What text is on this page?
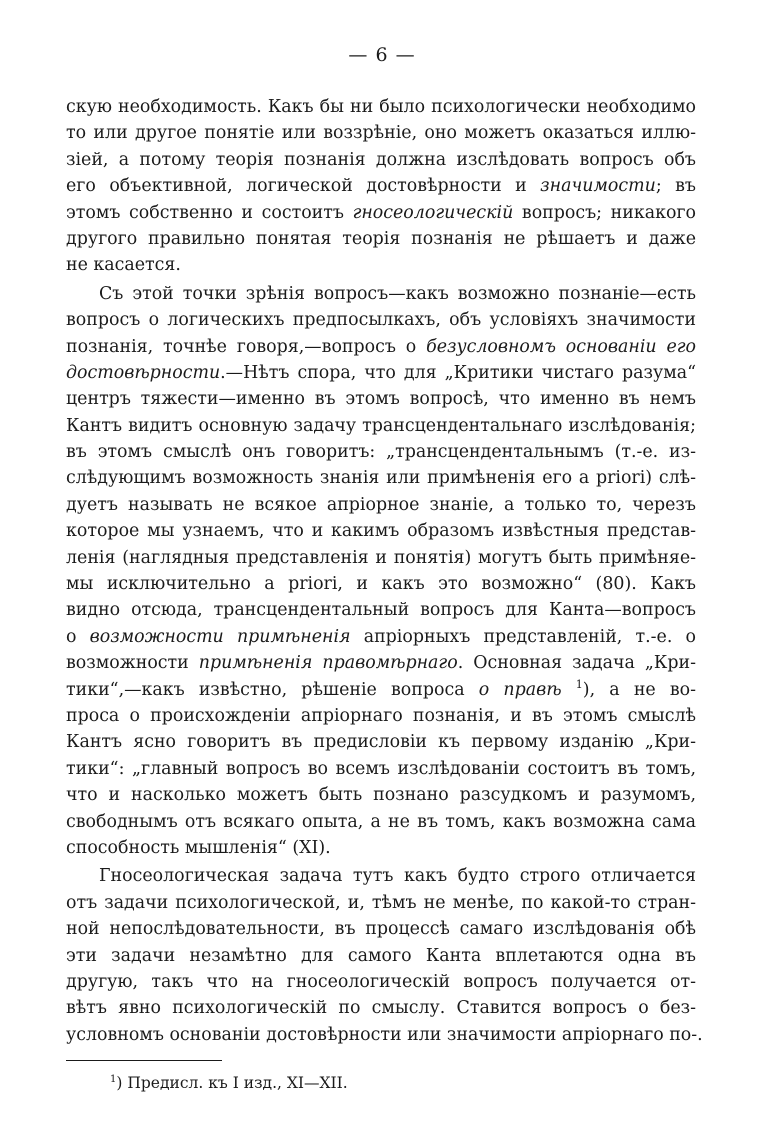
— 6 —
скую необходимость. Какъ бы ни было психологически необходимо
то или другое понятіе или воззрѣніе, оно можетъ оказаться иллю-
зіей, а потому теорія познанія должна изслѣдовать вопросъ объ
его объективной, логической достовѣрности и значимости; въ
этомъ собственно и состоитъ гносеологическій вопросъ; никакого
другого правильно понятая теорія познанія не рѣшаетъ и даже
не касается.
Съ этой точки зрѣнія вопросъ—какъ возможно познаніе—есть
вопросъ о логическихъ предпосылкахъ, объ условіяхъ значимости
познанія, точнѣе говоря,—вопросъ о безусловномъ основаніи его
достовѣрности.—Нѣтъ спора, что для „Критики чистаго разума“
центръ тяжести—именно въ этомъ вопросѣ, что именно въ немъ
Кантъ видитъ основную задачу трансцендентальнаго изслѣдованія;
въ этомъ смыслѣ онъ говоритъ: „трансцендентальнымъ (т.-е. из-
слѣдующимъ возможность знанія или примѣненія его a priori) слѣ-
дуетъ называть не всякое апріорное знаніе, а только то, черезъ
которое мы узнаемъ, что и какимъ образомъ извѣстныя представ-
ленія (наглядныя представленія и понятія) могутъ быть примѣняе-
мы исключительно a priori, и какъ это возможно“ (80). Какъ
видно отсюда, трансцендентальный вопросъ для Канта—вопросъ
о возможности примѣненія апріорныхъ представленій, т.-е. о
возможности примѣненія правомѣрнаго. Основная задача „Кри-
тики“,—какъ извѣстно, рѣшеніе вопроса о правѣ $^1$), а не во-
проса о происхожденіи апріорнаго познанія, и въ этомъ смыслѣ
Кантъ ясно говоритъ въ предисловіи къ первому изданію „Кри-
тики“: „главный вопросъ во всемъ изслѣдованіи состоитъ въ томъ,
что и насколько можетъ быть познано разсудкомъ и разумомъ,
свободнымъ отъ всякаго опыта, а не въ томъ, какъ возможна сама
способность мышленія“ (XI).
Гносеологическая задача тутъ какъ будто строго отличается
отъ задачи психологической, и, тѣмъ не менѣе, по какой-то стран-
ной непослѣдовательности, въ процессѣ самаго изслѣдованія обѣ
эти задачи незамѣтно для самого Канта вплетаются одна въ
другую, такъ что на гносеологическій вопросъ получается от-
вѣтъ явно психологическій по смыслу. Ставится вопросъ о без-
условномъ основаніи достовѣрности или значимости апріорнаго по-.
$^1$) Предисл. къ I изд., XI—XII.
